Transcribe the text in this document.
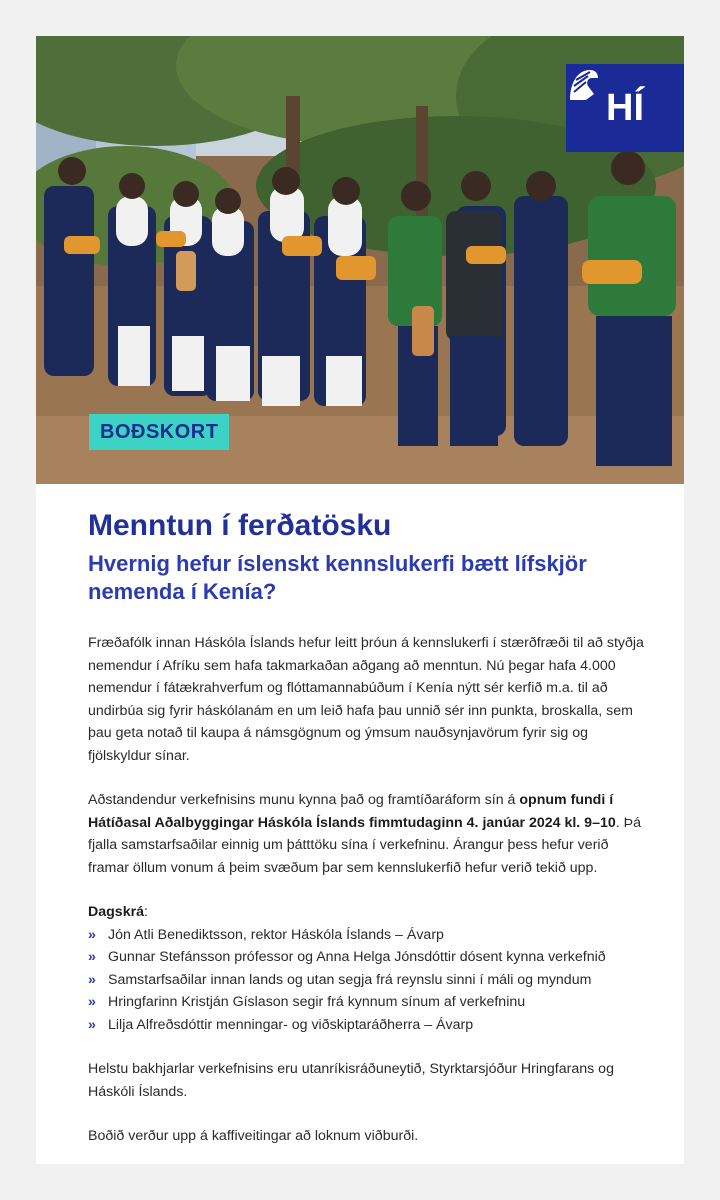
HÍ
BOÐSKORT
Menntun í ferðatösku
Hvernig hefur íslenskt kennslukerfi bætt lífskjör nemenda í Kenía?

Fræðafólk innan Háskóla Íslands hefur leitt þróun á kennslukerfi í stærðfræði til að styðja nemendur í Afríku sem hafa takmarkaðan aðgang að menntun. Nú þegar hafa 4.000 nemendur í fátækrahverfum og flóttamannabúðum í Kenía nýtt sér kerfið m.a. til að undirbúa sig fyrir háskólanám en um leið hafa þau unnið sér inn punkta, broskalla, sem þau geta notað til kaupa á námsgögnum og ýmsum nauðsynjavörum fyrir sig og fjölskyldur sínar.

Aðstandendur verkefnisins munu kynna það og framtíðaráform sín á opnum fundi í Hátíðasal Aðalbyggingar Háskóla Íslands fimmtudaginn 4. janúar 2024 kl. 9–10. Þá fjalla samstarfsaðilar einnig um þátttöku sína í verkefninu. Árangur þess hefur verið framar öllum vonum á þeim svæðum þar sem kennslukerfið hefur verið tekið upp.

Dagskrá:
» Jón Atli Benediktsson, rektor Háskóla Íslands – Ávarp
» Gunnar Stefánsson prófessor og Anna Helga Jónsdóttir dósent kynna verkefnið
» Samstarfsaðilar innan lands og utan segja frá reynslu sinni í máli og myndum
» Hringfarinn Kristján Gíslason segir frá kynnum sínum af verkefninu
» Lilja Alfreðsdóttir menningar- og viðskiptaráðherra – Ávarp

Helstu bakhjarlar verkefnisins eru utanríkisráðuneytið, Styrktarsjóður Hringfarans og Háskóli Íslands.

Boðið verður upp á kaffiveitingar að loknum viðburði.
